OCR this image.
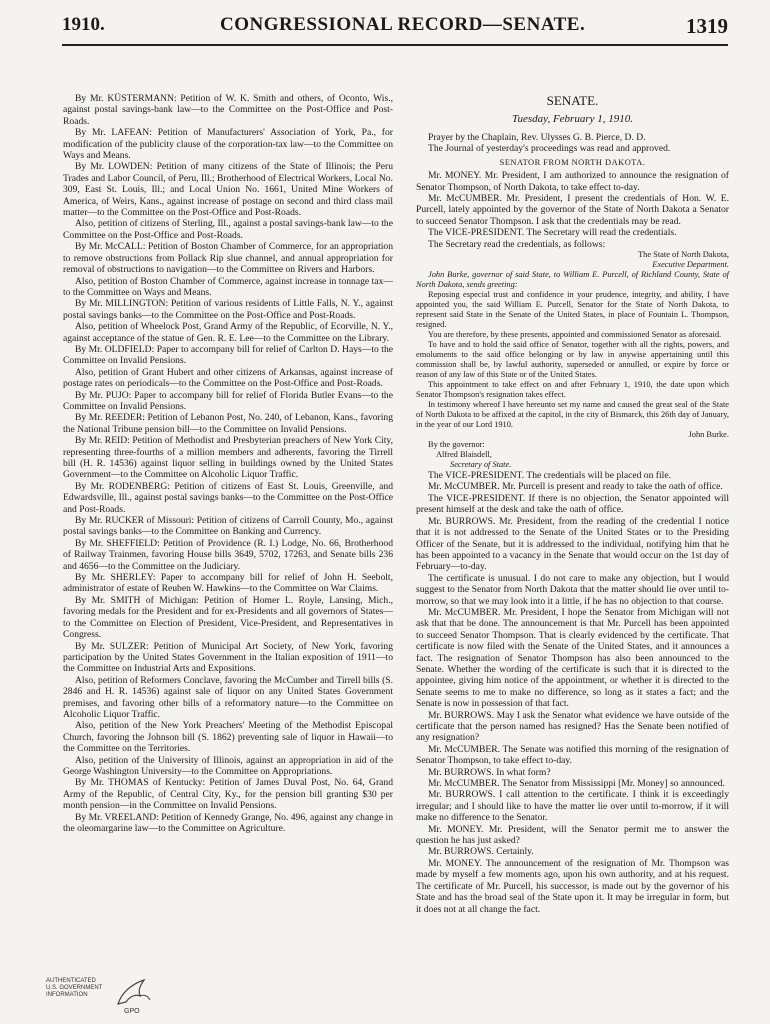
1910.	CONGRESSIONAL RECORD—SENATE.	1319

By Mr. KÜSTERMANN: Petition of W. K. Smith and others, of Oconto, Wis., against postal savings-bank law—to the Committee on the Post-Office and Post-Roads.

By Mr. LAFEAN: Petition of Manufacturers' Association of York, Pa., for modification of the publicity clause of the corporation-tax law—to the Committee on Ways and Means.

By Mr. LOWDEN: Petition of many citizens of the State of Illinois; the Peru Trades and Labor Council, of Peru, Ill.; Brotherhood of Electrical Workers, Local No. 309, East St. Louis, Ill.; and Local Union No. 1661, United Mine Workers of America, of Weirs, Kans., against increase of postage on second and third class mail matter—to the Committee on the Post-Office and Post-Roads.

Also, petition of citizens of Sterling, Ill., against a postal savings-bank law—to the Committee on the Post-Office and Post-Roads.

By Mr. McCALL: Petition of Boston Chamber of Commerce, for an appropriation to remove obstructions from Pollack Rip slue channel, and annual appropriation for removal of obstructions to navigation—to the Committee on Rivers and Harbors.

Also, petition of Boston Chamber of Commerce, against increase in tonnage tax—to the Committee on Ways and Means.

By Mr. MILLINGTON: Petition of various residents of Little Falls, N. Y., against postal savings banks—to the Committee on the Post-Office and Post-Roads.

Also, petition of Wheelock Post, Grand Army of the Republic, of Ecorville, N. Y., against acceptance of the statue of Gen. R. E. Lee—to the Committee on the Library.

By Mr. OLDFIELD: Paper to accompany bill for relief of Carlton D. Hays—to the Committee on Invalid Pensions.

Also, petition of Grant Hubert and other citizens of Arkansas, against increase of postage rates on periodicals—to the Committee on the Post-Office and Post-Roads.

By Mr. PUJO: Paper to accompany bill for relief of Florida Butler Evans—to the Committee on Invalid Pensions.

By Mr. REEDER: Petition of Lebanon Post, No. 240, of Lebanon, Kans., favoring the National Tribune pension bill—to the Committee on Invalid Pensions.

By Mr. REID: Petition of Methodist and Presbyterian preachers of New York City, representing three-fourths of a million members and adherents, favoring the Tirrell bill (H. R. 14536) against liquor selling in buildings owned by the United States Government—to the Committee on Alcoholic Liquor Traffic.

By Mr. RODENBERG: Petition of citizens of East St. Louis, Greenville, and Edwardsville, Ill., against postal savings banks—to the Committee on the Post-Office and Post-Roads.

By Mr. RUCKER of Missouri: Petition of citizens of Carroll County, Mo., against postal savings banks—to the Committee on Banking and Currency.

By Mr. SHEFFIELD: Petition of Providence (R. I.) Lodge, No. 66, Brotherhood of Railway Trainmen, favoring House bills 3649, 5702, 17263, and Senate bills 236 and 4656—to the Committee on the Judiciary.

By Mr. SHERLEY: Paper to accompany bill for relief of John H. Seebolt, administrator of estate of Reuben W. Hawkins—to the Committee on War Claims.

By Mr. SMITH of Michigan: Petition of Homer L. Royle, Lansing, Mich., favoring medals for the President and for ex-Presidents and all governors of States—to the Committee on Election of President, Vice-President, and Representatives in Congress.

By Mr. SULZER: Petition of Municipal Art Society, of New York, favoring participation by the United States Government in the Italian exposition of 1911—to the Committee on Industrial Arts and Expositions.

Also, petition of Reformers Conclave, favoring the McCumber and Tirrell bills (S. 2846 and H. R. 14536) against sale of liquor on any United States Government premises, and favoring other bills of a reformatory nature—to the Committee on Alcoholic Liquor Traffic.

Also, petition of the New York Preachers' Meeting of the Methodist Episcopal Church, favoring the Johnson bill (S. 1862) preventing sale of liquor in Hawaii—to the Committee on the Territories.

Also, petition of the University of Illinois, against an appropriation in aid of the George Washington University—to the Committee on Appropriations.

By Mr. THOMAS of Kentucky: Petition of James Duval Post, No. 64, Grand Army of the Republic, of Central City, Ky., for the pension bill granting $30 per month pension—in the Committee on Invalid Pensions.

By Mr. VREELAND: Petition of Kennedy Grange, No. 496, against any change in the oleomargarine law—to the Committee on Agriculture.

SENATE.

Tuesday, February 1, 1910.

Prayer by the Chaplain, Rev. Ulysses G. B. Pierce, D. D.

The Journal of yesterday's proceedings was read and approved.

SENATOR FROM NORTH DAKOTA.

Mr. MONEY. Mr. President, I am authorized to announce the resignation of Senator Thompson, of North Dakota, to take effect to-day.

Mr. McCUMBER. Mr. President, I present the credentials of Hon. W. E. Purcell, lately appointed by the governor of the State of North Dakota a Senator to succeed Senator Thompson. I ask that the credentials may be read.

The VICE-PRESIDENT. The Secretary will read the credentials.

The Secretary read the credentials, as follows:

The State of North Dakota,

Executive Department.

John Burke, governor of said State, to William E. Purcell, of Richland County, State of North Dakota, sends greeting:

Reposing especial trust and confidence in your prudence, integrity, and ability, I have appointed you, the said William E. Purcell, Senator for the State of North Dakota, to represent said State in the Senate of the United States, in place of Fountain L. Thompson, resigned.

You are therefore, by these presents, appointed and commissioned Senator as aforesaid.

To have and to hold the said office of Senator, together with all the rights, powers, and emoluments to the said office belonging or by law in anywise appertaining until this commission shall be, by lawful authority, superseded or annulled, or expire by force or reason of any law of this State or of the United States.

This appointment to take effect on and after February 1, 1910, the date upon which Senator Thompson's resignation takes effect.

In testimony whereof I have hereunto set my name and caused the great seal of the State of North Dakota to be affixed at the capitol, in the city of Bismarck, this 26th day of January, in the year of our Lord 1910.

John Burke.

By the governor:

Alfred Blaisdell,

Secretary of State.

The VICE-PRESIDENT. The credentials will be placed on file.

Mr. McCUMBER. Mr. Purcell is present and ready to take the oath of office.

The VICE-PRESIDENT. If there is no objection, the Senator appointed will present himself at the desk and take the oath of office.

Mr. BURROWS. Mr. President, from the reading of the credential I notice that it is not addressed to the Senate of the United States or to the Presiding Officer of the Senate, but it is addressed to the individual, notifying him that he has been appointed to a vacancy in the Senate that would occur on the 1st day of February—to-day.

The certificate is unusual. I do not care to make any objection, but I would suggest to the Senator from North Dakota that the matter should lie over until to-morrow, so that we may look into it a little, if he has no objection to that course.

Mr. McCUMBER. Mr. President, I hope the Senator from Michigan will not ask that that be done. The announcement is that Mr. Purcell has been appointed to succeed Senator Thompson. That is clearly evidenced by the certificate. That certificate is now filed with the Senate of the United States, and it announces a fact. The resignation of Senator Thompson has also been announced to the Senate. Whether the wording of the certificate is such that it is directed to the appointee, giving him notice of the appointment, or whether it is directed to the Senate seems to me to make no difference, so long as it states a fact; and the Senate is now in possession of that fact.

Mr. BURROWS. May I ask the Senator what evidence we have outside of the certificate that the person named has resigned? Has the Senate been notified of any resignation?

Mr. McCUMBER. The Senate was notified this morning of the resignation of Senator Thompson, to take effect to-day.

Mr. BURROWS. In what form?

Mr. McCUMBER. The Senator from Mississippi [Mr. Money] so announced.

Mr. BURROWS. I call attention to the certificate. I think it is exceedingly irregular; and I should like to have the matter lie over until to-morrow, if it will make no difference to the Senator.

Mr. MONEY. Mr. President, will the Senator permit me to answer the question he has just asked?

Mr. BURROWS. Certainly.

Mr. MONEY. The announcement of the resignation of Mr. Thompson was made by myself a few moments ago, upon his own authority, and at his request. The certificate of Mr. Purcell, his successor, is made out by the governor of his State and has the broad seal of the State upon it. It may be irregular in form, but it does not at all change the fact.

AUTHENTICATED
U.S. GOVERNMENT
INFORMATION
GPO
